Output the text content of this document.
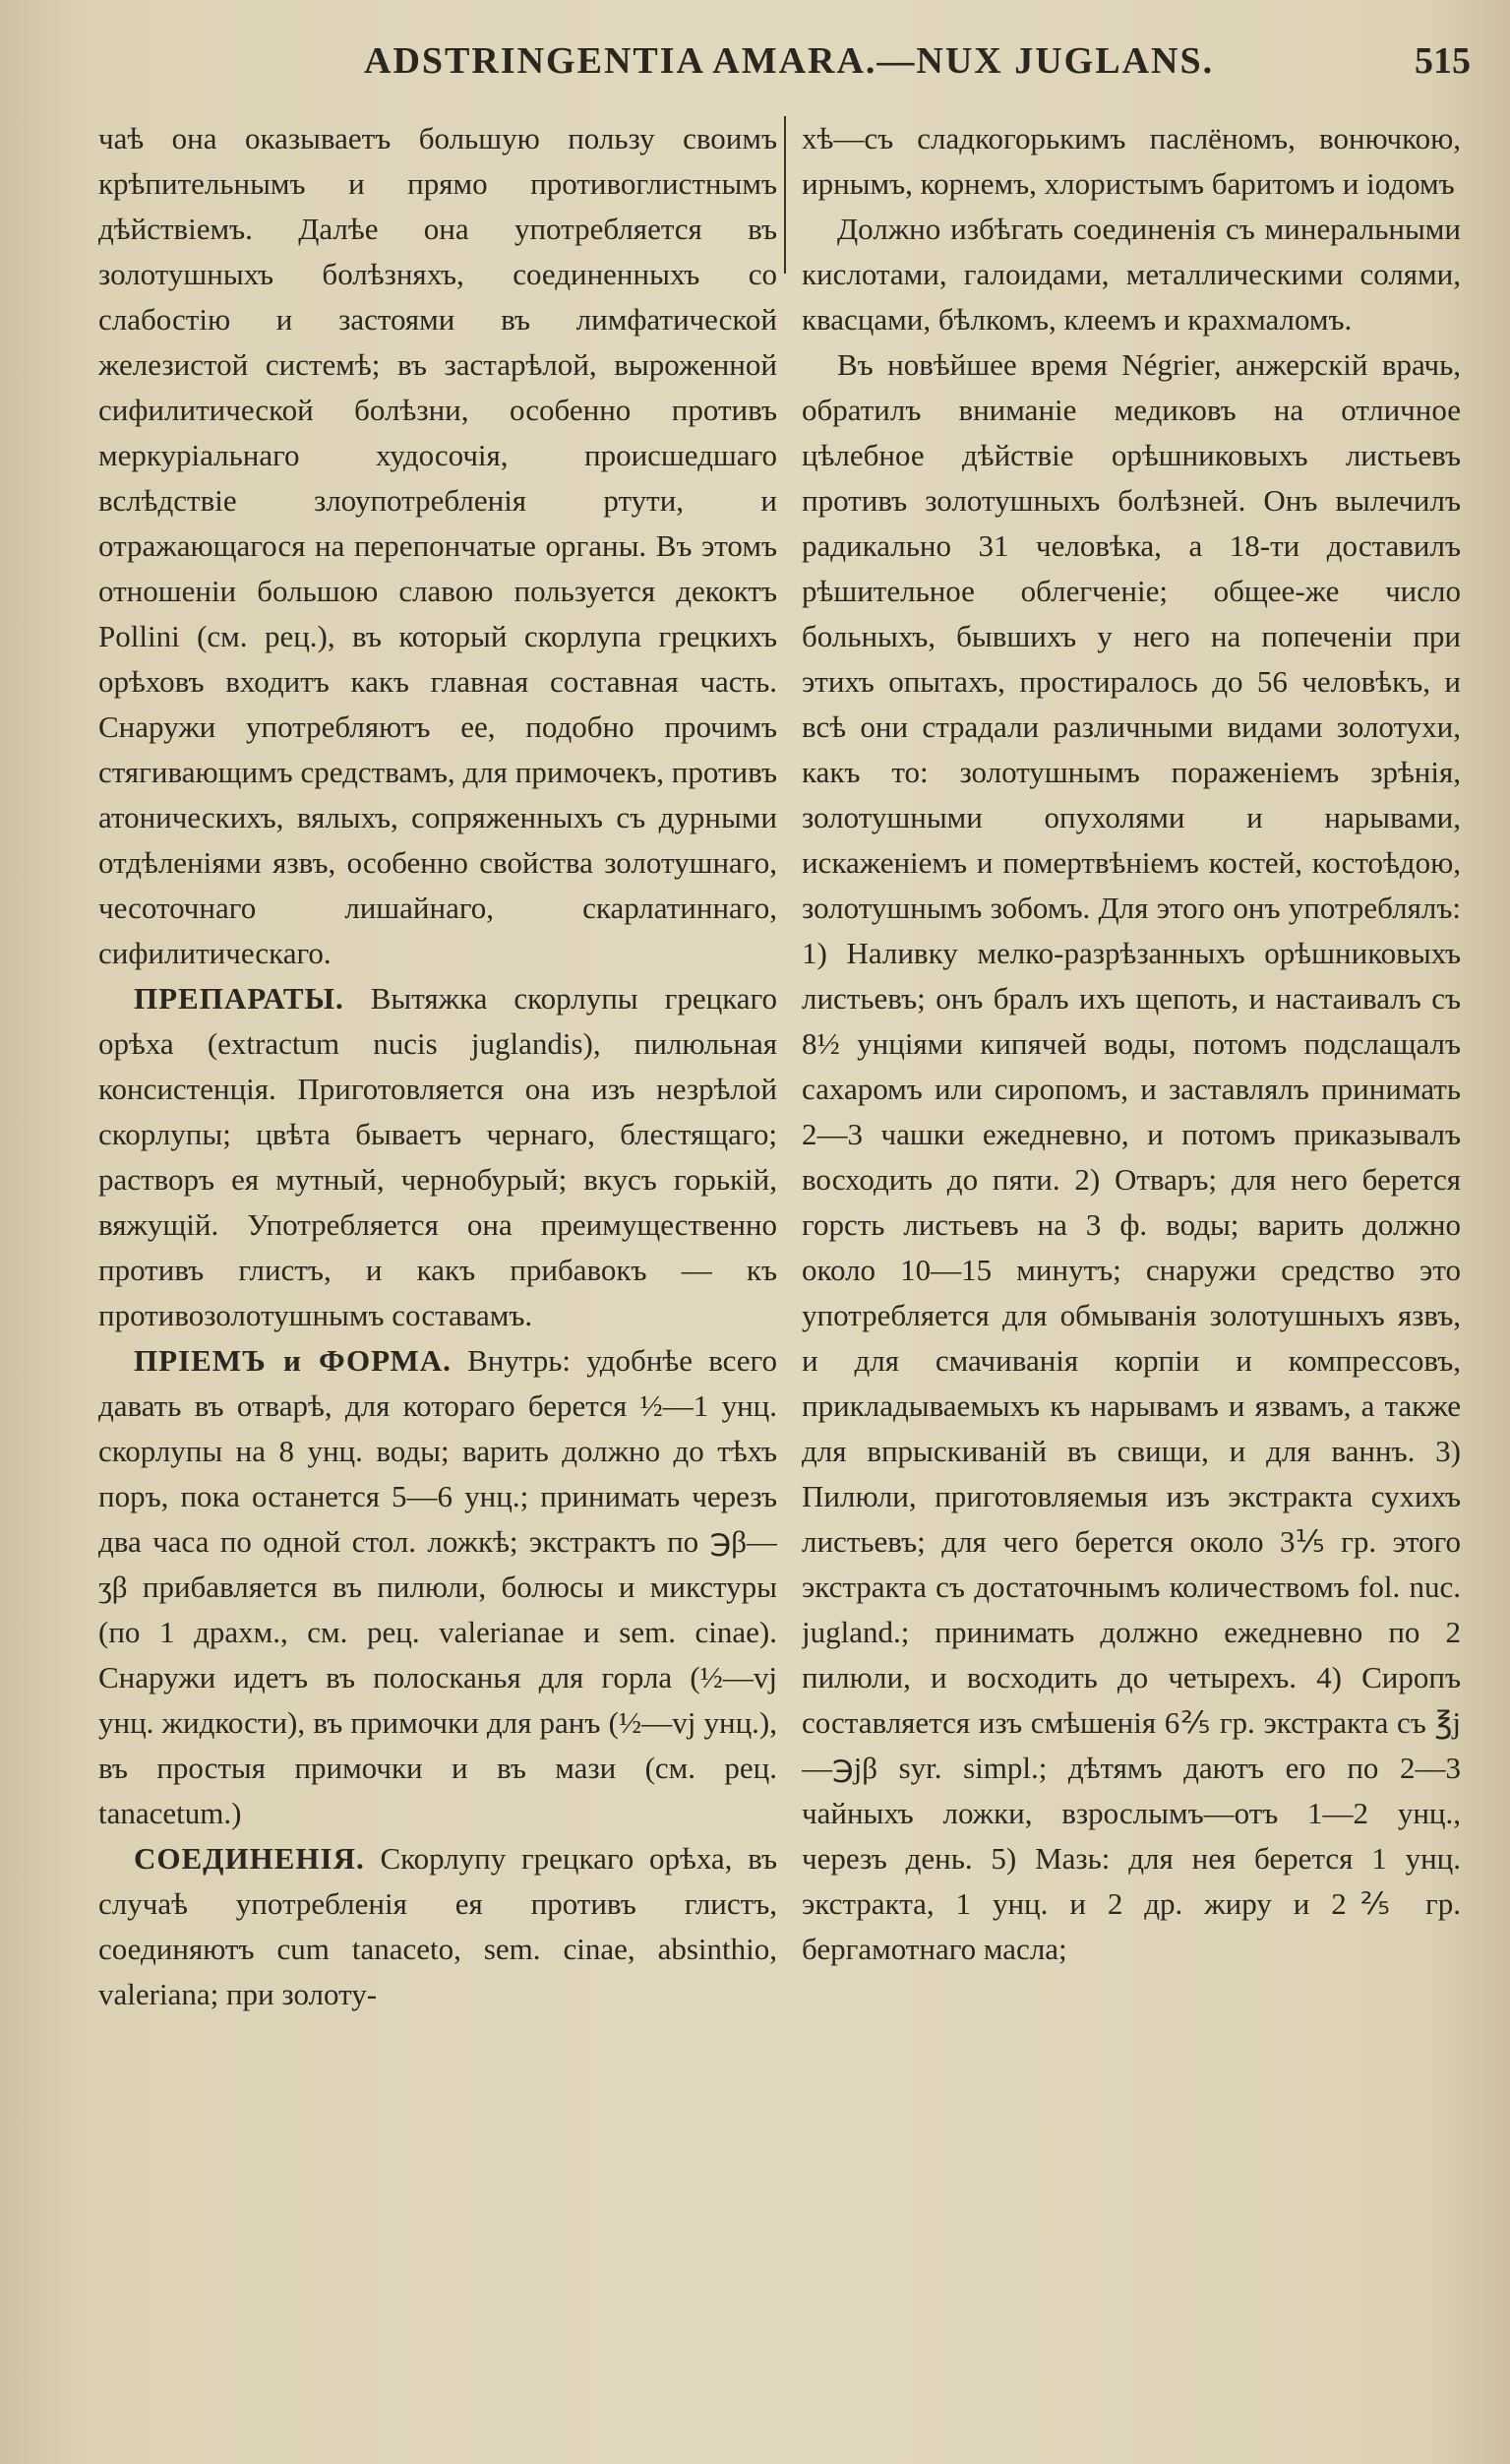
ADSTRINGENTIA AMARA.—NUX JUGLANS.	515

чаѣ она оказываетъ большую пользу своимъ крѣпительнымъ и прямо противоглистнымъ дѣйствіемъ. Далѣе она употребляется въ золотушныхъ болѣзняхъ, соединенныхъ со слабостію и застоями въ лимфатической железистой системѣ; въ застарѣлой, выроженной сифилитической болѣзни, особенно противъ меркуріальнаго худосочія, происшедшаго вслѣдствіе злоупотребленія ртути, и отражающагося на перепончатые органы. Въ этомъ отношеніи большою славою пользуется декоктъ Pollini (см. рец.), въ который скорлупа грецкихъ орѣховъ входитъ какъ главная составная часть. Снаружи употребляютъ ее, подобно прочимъ стягивающимъ средствамъ, для примочекъ, противъ атоническихъ, вялыхъ, сопряженныхъ съ дурными отдѣленіями язвъ, особенно свойства золотушнаго, чесоточнаго лишайнаго, скарлатиннаго, сифилитическаго.

ПРЕПАРАТЫ. Вытяжка скорлупы грецкаго орѣха (extractum nucis juglandis), пилюльная консистенція. Приготовляется она изъ незрѣлой скорлупы; цвѣта бываетъ чернаго, блестящаго; растворъ ея мутный, чернобурый; вкусъ горькій, вяжущій. Употребляется она преимущественно противъ глистъ, и какъ прибавокъ — къ противозолотушнымъ составамъ.

ПРІЕМЪ и ФОРМА. Внутрь: удобнѣе всего давать въ отварѣ, для котораго берется ½—1 унц. скорлупы на 8 унц. воды; варить должно до тѣхъ поръ, пока останется 5—6 унц.; принимать черезъ два часа по одной стол. ложкѣ; экстрактъ по ℈β—ʒβ прибавляется въ пилюли, болюсы и микстуры (по 1 драхм., см. рец. valerianae и sem. cinae). Снаружи идетъ въ полосканья для горла (½—vj унц. жидкости), въ примочки для ранъ (½—vj унц.), въ простыя примочки и въ мази (см. рец. tanacetum.)

СОЕДИНЕНІЯ. Скорлупу грецкаго орѣха, въ случаѣ употребленія ея противъ глистъ, соединяютъ cum tanaceto, sem. cinae, absinthio, valeriana; при золоту-

хѣ—съ сладкогорькимъ паслёномъ, вонючкою, ирнымъ, корнемъ, хлористымъ баритомъ и іодомъ

Должно избѣгать соединенія съ минеральными кислотами, галоидами, металлическими солями, квасцами, бѣлкомъ, клеемъ и крахмаломъ.

Въ новѣйшее время Négrier, анжерскій врачь, обратилъ вниманіе медиковъ на отличное цѣлебное дѣйствіе орѣшниковыхъ листьевъ противъ золотушныхъ болѣзней. Онъ вылечилъ радикально 31 человѣка, а 18-ти доставилъ рѣшительное облегченіе; общее-же число больныхъ, бывшихъ у него на попеченіи при этихъ опытахъ, простиралось до 56 человѣкъ, и всѣ они страдали различными видами золотухи, какъ то: золотушнымъ пораженіемъ зрѣнія, золотушными опухолями и нарывами, искаженіемъ и помертвѣніемъ костей, костоѣдою, золотушнымъ зобомъ. Для этого онъ употреблялъ: 1) Наливку мелко-разрѣзанныхъ орѣшниковыхъ листьевъ; онъ бралъ ихъ щепоть, и настаивалъ съ 8½ унціями кипячей воды, потомъ подслащалъ сахаромъ или сиропомъ, и заставлялъ принимать 2—3 чашки ежедневно, и потомъ приказывалъ восходить до пяти. 2) Отваръ; для него берется горсть листьевъ на 3 ф. воды; варить должно около 10—15 минутъ; снаружи средство это употребляется для обмыванія золотушныхъ язвъ, и для смачиванія корпіи и компрессовъ, прикладываемыхъ къ нарывамъ и язвамъ, а также для впрыскиваній въ свищи, и для ваннъ. 3) Пилюли, приготовляемыя изъ экстракта сухихъ листьевъ; для чего берется около 3⅕ гр. этого экстракта съ достаточнымъ количествомъ fol. nuc. jugland.; принимать должно ежедневно по 2 пилюли, и восходить до четырехъ. 4) Сиропъ составляется изъ смѣшенія 6⅖ гр. экстракта съ ℥j—℈jβ syr. simpl.; дѣтямъ даютъ его по 2—3 чайныхъ ложки, взрослымъ—отъ 1—2 унц., черезъ день. 5) Мазь: для нея берется 1 унц. экстракта, 1 унц. и 2 др. жиру и 2⅖ гр. бергамотнаго масла;
